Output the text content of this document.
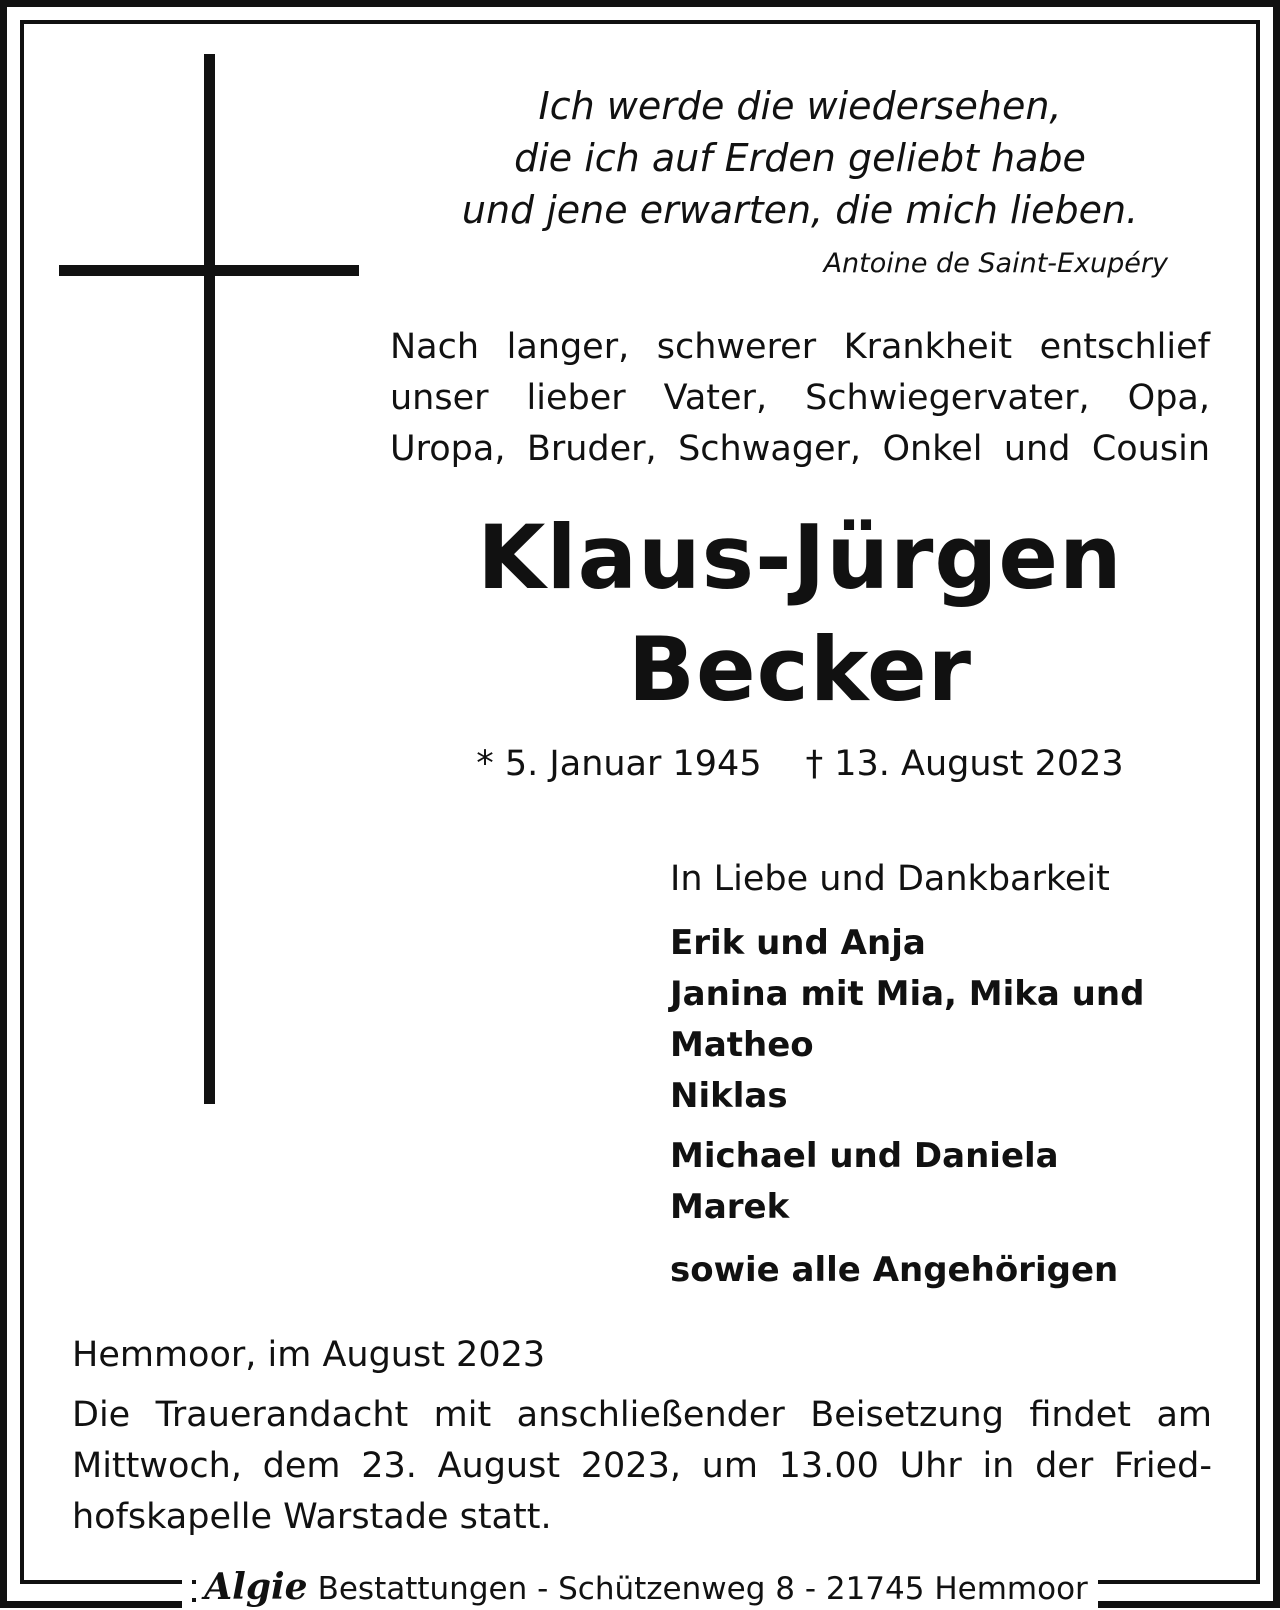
Ich werde die wiedersehen,
die ich auf Erden geliebt habe
und jene erwarten, die mich lieben.
Antoine de Saint-Exupéry
Nach langer, schwerer Krankheit entschlief
unser lieber Vater, Schwiegervater, Opa,
Uropa, Bruder, Schwager, Onkel und Cousin
Klaus-Jürgen
Becker
* 5. Januar 1945 † 13. August 2023
In Liebe und Dankbarkeit
Erik und Anja
Janina mit Mia, Mika und
Matheo
Niklas
Michael und Daniela
Marek
sowie alle Angehörigen
Hemmoor, im August 2023
Die Trauerandacht mit anschließender Beisetzung findet am
Mittwoch, dem 23. August 2023, um 13.00 Uhr in der Fried-
hofskapelle Warstade statt.
Algie Bestattungen - Schützenweg 8 - 21745 Hemmoor
